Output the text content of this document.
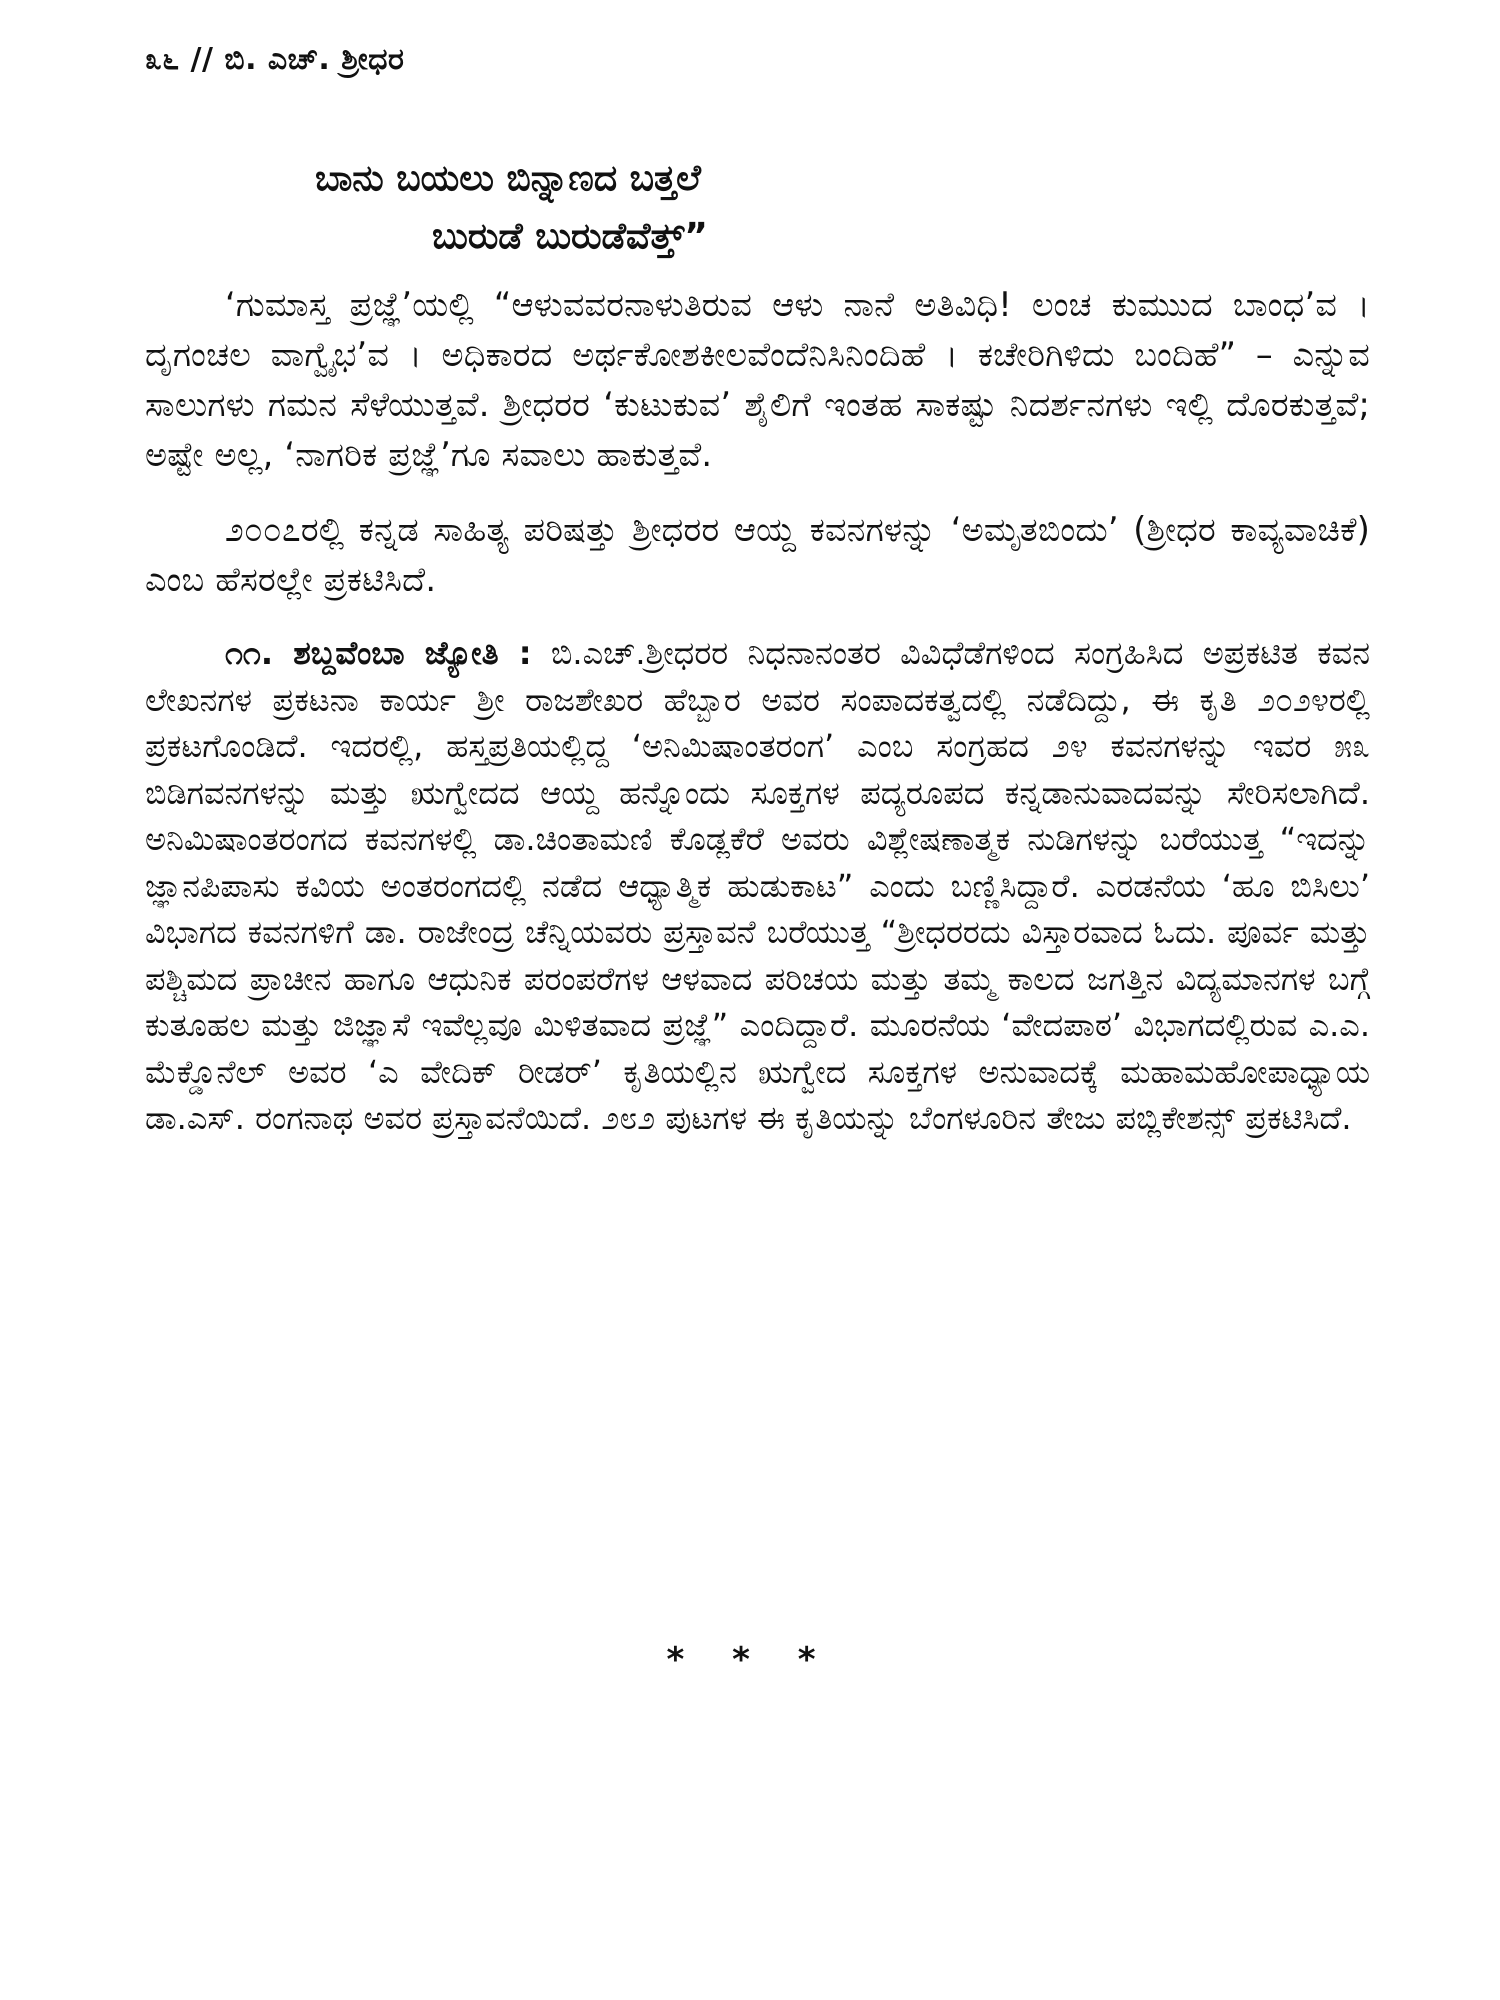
೩೬ // ಬಿ. ಎಚ್. ಶ್ರೀಧರ
ಬಾನು ಬಯಲು ಬಿನ್ನಾಣದ ಬತ್ತಲೆ
ಬುರುಡೆ ಬುರುಡೆವೆತ್ತ್”

‘ಗುಮಾಸ್ತ ಪ್ರಜ್ಞೆ’ಯಲ್ಲಿ “ಆಳುವವರನಾಳುತಿರುವ ಆಳು ನಾನೆ ಅತಿವಿಧಿ! ಲಂಚ ಕುಮುುದ ಬಾಂಧ’ವ । ದೃಗಂಚಲ ವಾಗ್ವೈಭ’ವ । ಅಧಿಕಾರದ ಅರ್ಥಕೋಶಕೀಲವೆಂದೆನಿಸಿನಿಂದಿಹೆ । ಕಚೇರಿಗಿಳಿದು ಬಂದಿಹೆ” – ಎನ್ನುವ ಸಾಲುಗಳು ಗಮನ ಸೆಳೆಯುತ್ತವೆ. ಶ್ರೀಧರರ ‘ಕುಟುಕುವ’ ಶೈಲಿಗೆ ಇಂತಹ ಸಾಕಷ್ಟು ನಿದರ್ಶನಗಳು ಇಲ್ಲಿ ದೊರಕುತ್ತವೆ; ಅಷ್ಟೇ ಅಲ್ಲ, ‘ನಾಗರಿಕ ಪ್ರಜ್ಞೆ’ಗೂ ಸವಾಲು ಹಾಕುತ್ತವೆ.

೨೦೦೭ರಲ್ಲಿ ಕನ್ನಡ ಸಾಹಿತ್ಯ ಪರಿಷತ್ತು ಶ್ರೀಧರರ ಆಯ್ದ ಕವನಗಳನ್ನು ‘ಅಮೃತಬಿಂದು’ (ಶ್ರೀಧರ ಕಾವ್ಯವಾಚಿಕೆ) ಎಂಬ ಹೆಸರಲ್ಲೇ ಪ್ರಕಟಿಸಿದೆ.

೧೧. ಶಬ್ದವೆಂಬಾ ಜ್ಯೋತಿ : ಬಿ.ಎಚ್.ಶ್ರೀಧರರ ನಿಧನಾನಂತರ ವಿವಿಧೆಡೆಗಳಿಂದ ಸಂಗ್ರಹಿಸಿದ ಅಪ್ರಕಟಿತ ಕವನ ಲೇಖನಗಳ ಪ್ರಕಟನಾ ಕಾರ್ಯ ಶ್ರೀ ರಾಜಶೇಖರ ಹೆಬ್ಬಾರ ಅವರ ಸಂಪಾದಕತ್ವದಲ್ಲಿ ನಡೆದಿದ್ದು, ಈ ಕೃತಿ ೨೦೨೪ರಲ್ಲಿ ಪ್ರಕಟಗೊಂಡಿದೆ. ಇದರಲ್ಲಿ, ಹಸ್ತಪ್ರತಿಯಲ್ಲಿದ್ದ ‘ಅನಿಮಿಷಾಂತರಂಗ’ ಎಂಬ ಸಂಗ್ರಹದ ೨೪ ಕವನಗಳನ್ನು ಇವರ ೫೩ ಬಿಡಿಗವನಗಳನ್ನು ಮತ್ತು ಋಗ್ವೇದದ ಆಯ್ದ ಹನ್ನೊಂದು ಸೂಕ್ತಗಳ ಪದ್ಯರೂಪದ ಕನ್ನಡಾನುವಾದವನ್ನು ಸೇರಿಸಲಾಗಿದೆ. ಅನಿಮಿಷಾಂತರಂಗದ ಕವನಗಳಲ್ಲಿ ಡಾ.ಚಿಂತಾಮಣಿ ಕೊಡ್ಲಕೆರೆ ಅವರು ವಿಶ್ಲೇಷಣಾತ್ಮಕ ನುಡಿಗಳನ್ನು ಬರೆಯುತ್ತ “ಇದನ್ನು ಜ್ಞಾನಪಿಪಾಸು ಕವಿಯ ಅಂತರಂಗದಲ್ಲಿ ನಡೆದ ಆಧ್ಯಾತ್ಮಿಕ ಹುಡುಕಾಟ” ಎಂದು ಬಣ್ಣಿಸಿದ್ದಾರೆ. ಎರಡನೆಯ ‘ಹೂ ಬಿಸಿಲು’ ವಿಭಾಗದ ಕವನಗಳಿಗೆ ಡಾ. ರಾಜೇಂದ್ರ ಚೆನ್ನಿಯವರು ಪ್ರಸ್ತಾವನೆ ಬರೆಯುತ್ತ “ಶ್ರೀಧರರದು ವಿಸ್ತಾರವಾದ ಓದು. ಪೂರ್ವ ಮತ್ತು ಪಶ್ಚಿಮದ ಪ್ರಾಚೀನ ಹಾಗೂ ಆಧುನಿಕ ಪರಂಪರೆಗಳ ಆಳವಾದ ಪರಿಚಯ ಮತ್ತು ತಮ್ಮ ಕಾಲದ ಜಗತ್ತಿನ ವಿದ್ಯಮಾನಗಳ ಬಗ್ಗೆ ಕುತೂಹಲ ಮತ್ತು ಜಿಜ್ಞಾಸೆ ಇವೆಲ್ಲವೂ ಮಿಳಿತವಾದ ಪ್ರಜ್ಞೆ” ಎಂದಿದ್ದಾರೆ. ಮೂರನೆಯ ‘ವೇದಪಾಠ’ ವಿಭಾಗದಲ್ಲಿರುವ ಎ.ಎ. ಮೆಕ್ಡೊನೆಲ್ ಅವರ ‘ಎ ವೇದಿಕ್ ರೀಡರ್’ ಕೃತಿಯಲ್ಲಿನ ಋಗ್ವೇದ ಸೂಕ್ತಗಳ ಅನುವಾದಕ್ಕೆ ಮಹಾಮಹೋಪಾಧ್ಯಾಯ ಡಾ.ಎಸ್. ರಂಗನಾಥ ಅವರ ಪ್ರಸ್ತಾವನೆಯಿದೆ. ೨೮೨ ಪುಟಗಳ ಈ ಕೃತಿಯನ್ನು ಬೆಂಗಳೂರಿನ ತೇಜು ಪಬ್ಲಿಕೇಶನ್ಸ್ ಪ್ರಕಟಿಸಿದೆ.

* * *
